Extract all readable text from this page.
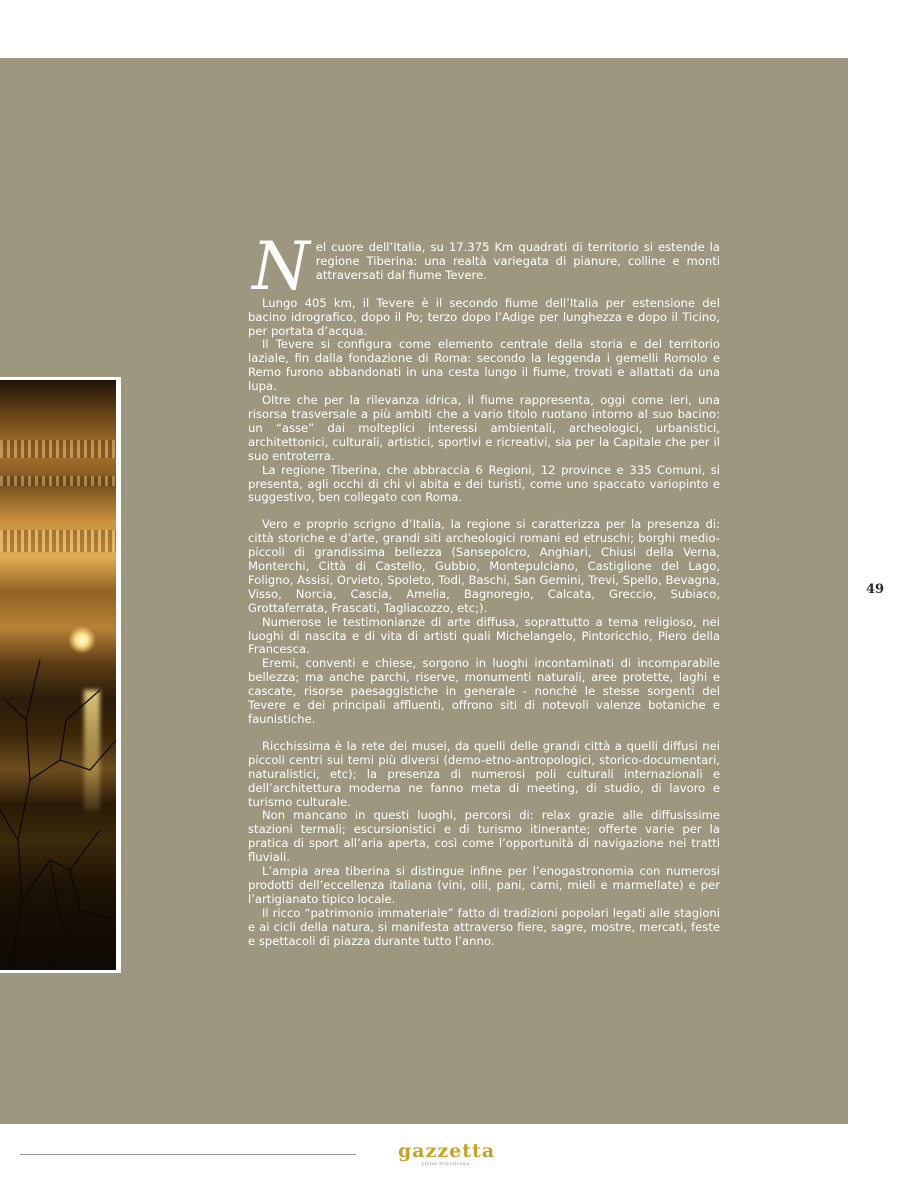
N el cuore dell’Italia, su 17.375 Km quadrati di territorio si estende la regione Tiberina: una realtà variegata di pianure, colline e monti attraversati dal fiume Tevere.

Lungo 405 km, il Tevere è il secondo fiume dell’Italia per estensione del bacino idrografico, dopo il Po; terzo dopo l’Adige per lunghezza e dopo il Ticino, per portata d’acqua.

Il Tevere si configura come elemento centrale della storia e del territorio laziale, fin dalla fondazione di Roma: secondo la leggenda i gemelli Romolo e Remo furono abbandonati in una cesta lungo il fiume, trovati e allattati da una lupa.

Oltre che per la rilevanza idrica, il fiume rappresenta, oggi come ieri, una risorsa trasversale a più ambiti che a vario titolo ruotano intorno al suo bacino: un “asse” dai molteplici interessi ambientali, archeologici, urbanistici, architettonici, culturali, artistici, sportivi e ricreativi, sia per la Capitale che per il suo entroterra.

La regione Tiberina, che abbraccia 6 Regioni, 12 province e 335 Comuni, si presenta, agli occhi di chi vi abita e dei turisti, come uno spaccato variopinto e suggestivo, ben collegato con Roma.

Vero e proprio scrigno d’Italia, la regione si caratterizza per la presenza di: città storiche e d’arte, grandi siti archeologici romani ed etruschi; borghi medio-piccoli di grandissima bellezza (Sansepolcro, Anghiari, Chiusi della Verna, Monterchi, Città di Castello, Gubbio, Montepulciano, Castiglione del Lago, Foligno, Assisi, Orvieto, Spoleto, Todi, Baschi, San Gemini, Trevi, Spello, Bevagna, Visso, Norcia, Cascia, Amelia, Bagnoregio, Calcata, Greccio, Subiaco, Grottaferrata, Frascati, Tagliacozzo, etc;).

Numerose le testimonianze di arte diffusa, soprattutto a tema religioso, nei luoghi di nascita e di vita di artisti quali Michelangelo, Pintoricchio, Piero della Francesca.

Eremi, conventi e chiese, sorgono in luoghi incontaminati di incomparabile bellezza; ma anche parchi, riserve, monumenti naturali, aree protette, laghi e cascate, risorse paesaggistiche in generale - nonché le stesse sorgenti del Tevere e dei principali affluenti, offrono siti di notevoli valenze botaniche e faunistiche.

Ricchissima è la rete dei musei, da quelli delle grandi città a quelli diffusi nei piccoli centri sui temi più diversi (demo-etno-antropologici, storico-documentari, naturalistici, etc); la presenza di numerosi poli culturali internazionali e dell’architettura moderna ne fanno meta di meeting, di studio, di lavoro e turismo culturale.

Non mancano in questi luoghi, percorsi di: relax grazie alle diffusissime stazioni termali; escursionistici e di turismo itinerante; offerte varie per la pratica di sport all’aria aperta, così come l’opportunità di navigazione nei tratti fluviali.

L’ampia area tiberina si distingue infine per l’enogastronomia con numerosi prodotti dell’eccellenza italiana (vini, olii, pani, carni, mieli e marmellate) e per l’artigianato tipico locale.

Il ricco “patrimonio immateriale” fatto di tradizioni popolari legati alle stagioni e ai cicli della natura, si manifesta attraverso fiere, sagre, mostre, mercati, feste e spettacoli di piazza durante tutto l’anno.

49
gazzetta
tiche-brevillana
